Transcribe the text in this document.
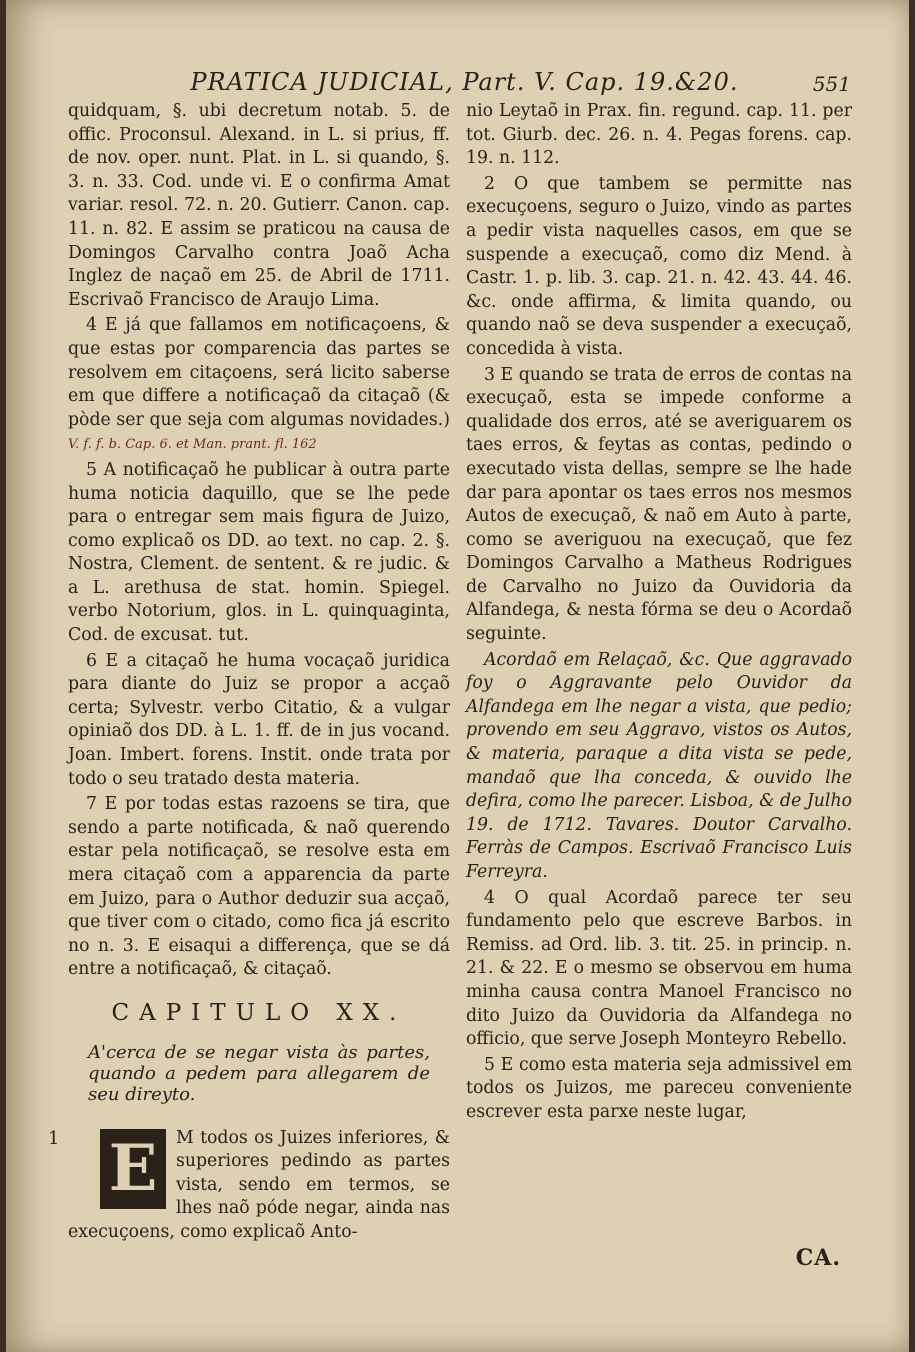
PRATICA JUDICIAL, Part. V. Cap. 19.&20.	551

quidquam, §. ubi decretum notab. 5. de offic. Proconsul. Alexand. in L. si prius, ff. de nov. oper. nunt. Plat. in L. si quando, §. 3. n. 33. Cod. unde vi. E o confirma Amat variar. resol. 72. n. 20. Gutierr. Canon. cap. 11. n. 82. E assim se praticou na causa de Domingos Carvalho contra Joaõ Acha Inglez de naçaõ em 25. de Abril de 1711. Escrivaõ Francisco de Araujo Lima.

4 E já que fallamos em notificaçoens, & que estas por comparencia das partes se resolvem em citaçoens, será licito saberse em que differe a notificaçaõ da citaçaõ (& pòde ser que seja com algumas novidades.) V. f. f. b. Cap. 6. et Man. prant. fl. 162

5 A notificaçaõ he publicar à outra parte huma noticia daquillo, que se lhe pede para o entregar sem mais figura de Juizo, como explicaõ os DD. ao text. no cap. 2. §. Nostra, Clement. de sentent. & re judic. & a L. arethusa de stat. homin. Spiegel. verbo Notorium, glos. in L. quinquaginta, Cod. de excusat. tut.

6 E a citaçaõ he huma vocaçaõ juridica para diante do Juiz se propor a acçaõ certa; Sylvestr. verbo Citatio, & a vulgar opiniaõ dos DD. à L. 1. ff. de in jus vocand. Joan. Imbert. forens. Instit. onde trata por todo o seu tratado desta materia.

7 E por todas estas razoens se tira, que sendo a parte notificada, & naõ querendo estar pela notificaçaõ, se resolve esta em mera citaçaõ com a apparencia da parte em Juizo, para o Author deduzir sua acçaõ, que tiver com o citado, como fica já escrito no n. 3. E eisaqui a differença, que se dá entre a notificaçaõ, & citaçaõ.

CAPITULO XX.
A'cerca de se negar vista às partes, quando a pedem para allegarem de seu direyto.
1 E	M todos os Juizes inferiores, & superiores pedindo as partes vista, sendo em termos, se lhes naõ póde negar, ainda nas execuçoens, como explicaõ Anto-

nio Leytaõ in Prax. fin. regund. cap. 11. per tot. Giurb. dec. 26. n. 4. Pegas forens. cap. 19. n. 112.

2 O que tambem se permitte nas execuçoens, seguro o Juizo, vindo as partes a pedir vista naquelles casos, em que se suspende a execuçaõ, como diz Mend. à Castr. 1. p. lib. 3. cap. 21. n. 42. 43. 44. 46. &c. onde affirma, & limita quando, ou quando naõ se deva suspender a execuçaõ, concedida à vista.

3 E quando se trata de erros de contas na execuçaõ, esta se impede conforme a qualidade dos erros, até se averiguarem os taes erros, & feytas as contas, pedindo o executado vista dellas, sempre se lhe hade dar para apontar os taes erros nos mesmos Autos de execuçaõ, & naõ em Auto à parte, como se averiguou na execuçaõ, que fez Domingos Carvalho a Matheus Rodrigues de Carvalho no Juizo da Ouvidoria da Alfandega, & nesta fórma se deu o Acordaõ seguinte.

Acordaõ em Relaçaõ, &c. Que aggravado foy o Aggravante pelo Ouvidor da Alfandega em lhe negar a vista, que pedio; provendo em seu Aggravo, vistos os Autos, & materia, paraque a dita vista se pede, mandaõ que lha conceda, & ouvido lhe defira, como lhe parecer. Lisboa, & de Julho 19. de 1712. Tavares. Doutor Carvalho. Ferràs de Campos. Escrivaõ Francisco Luis Ferreyra.

4 O qual Acordaõ parece ter seu fundamento pelo que escreve Barbos. in Remiss. ad Ord. lib. 3. tit. 25. in princip. n. 21. & 22. E o mesmo se observou em huma minha causa contra Manoel Francisco no dito Juizo da Ouvidoria da Alfandega no officio, que serve Joseph Monteyro Rebello.

5 E como esta materia seja admissivel em todos os Juizos, me pareceu conveniente escrever esta parxe neste lugar,

CA.
